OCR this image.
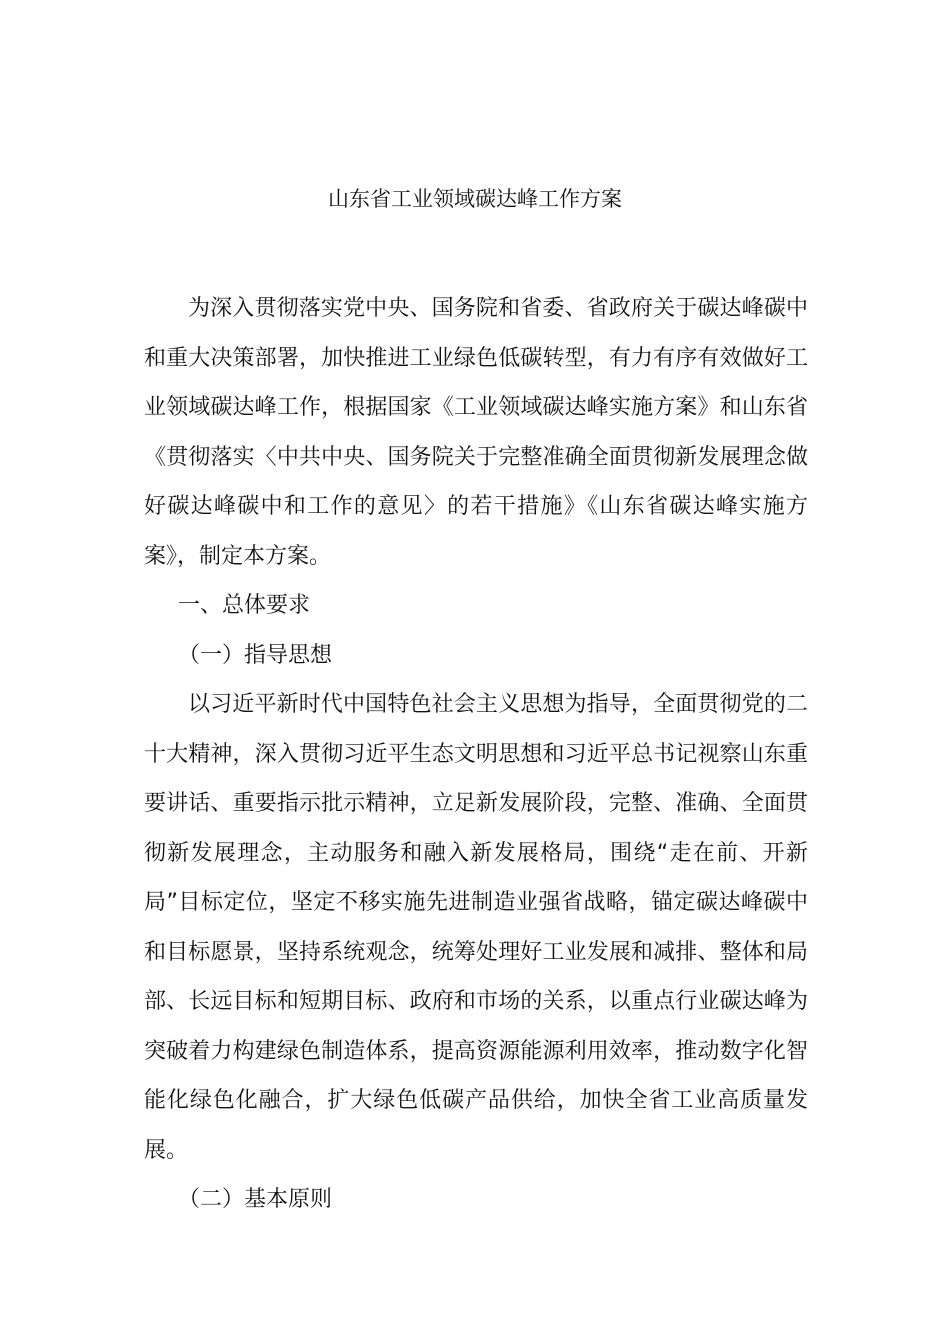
山东省工业领域碳达峰工作方案

为深入贯彻落实党中央、国务院和省委、省政府关于碳达峰碳中和重大决策部署，加快推进工业绿色低碳转型，有力有序有效做好工业领域碳达峰工作，根据国家《工业领域碳达峰实施方案》和山东省《贯彻落实〈中共中央、国务院关于完整准确全面贯彻新发展理念做好碳达峰碳中和工作的意见〉的若干措施》《山东省碳达峰实施方案》，制定本方案。

一、总体要求

（一）指导思想

以习近平新时代中国特色社会主义思想为指导，全面贯彻党的二十大精神，深入贯彻习近平生态文明思想和习近平总书记视察山东重要讲话、重要指示批示精神，立足新发展阶段，完整、准确、全面贯彻新发展理念，主动服务和融入新发展格局，围绕“走在前、开新局”目标定位，坚定不移实施先进制造业强省战略，锚定碳达峰碳中和目标愿景，坚持系统观念，统筹处理好工业发展和减排、整体和局部、长远目标和短期目标、政府和市场的关系，以重点行业碳达峰为突破着力构建绿色制造体系，提高资源能源利用效率，推动数字化智能化绿色化融合，扩大绿色低碳产品供给，加快全省工业高质量发展。

（二）基本原则
